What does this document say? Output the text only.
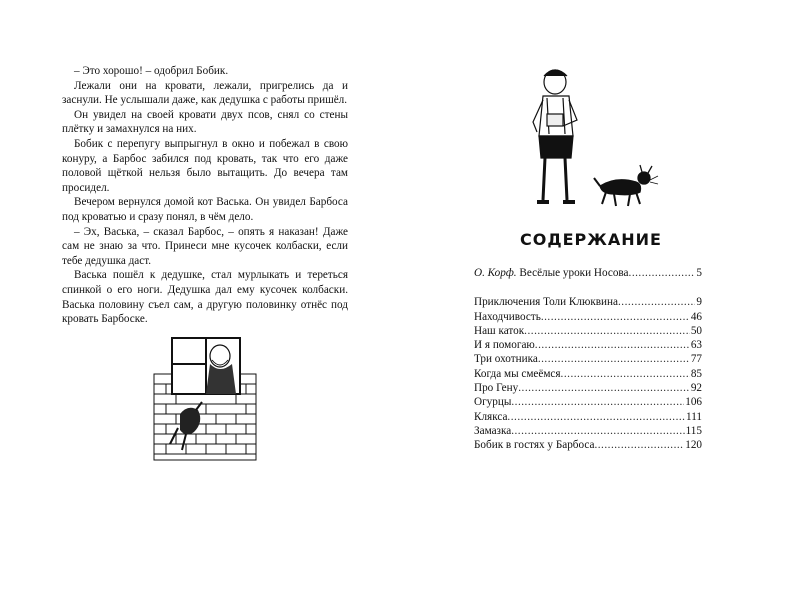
– Это хорошо! – одобрил Бобик.

Лежали они на кровати, лежали, пригрелись да и заснули. Не услышали даже, как дедушка с работы пришёл.

Он увидел на своей кровати двух псов, снял со стены плётку и замахнулся на них.

Бобик с перепугу выпрыгнул в окно и побежал в свою конуру, а Барбос забился под кровать, так что его даже половой щёткой нельзя было вытащить. До вечера там просидел.

Вечером вернулся домой кот Васька. Он увидел Барбоса под кроватью и сразу понял, в чём дело.

– Эх, Васька, – сказал Барбос, – опять я наказан! Даже сам не знаю за что. Принеси мне кусочек колбаски, если тебе дедушка даст.

Васька пошёл к дедушке, стал мурлыкать и тереться спинкой о его ноги. Дедушка дал ему кусочек колбаски. Васька половину съел сам, а другую половинку отнёс под кровать Барбоске.

СОДЕРЖАНИЕ
О. Корф. Весёлые уроки Носова .....	5
Приключения Толи Клюквина .....	9
Находчивость .....	46
Наш каток .....	50
И я помогаю .....	63
Три охотника .....	77
Когда мы смеёмся .....	85
Про Гену .....	92
Огурцы .....	106
Клякса .....	111
Замазка .....	115
Бобик в гостях у Барбоса .....	120
